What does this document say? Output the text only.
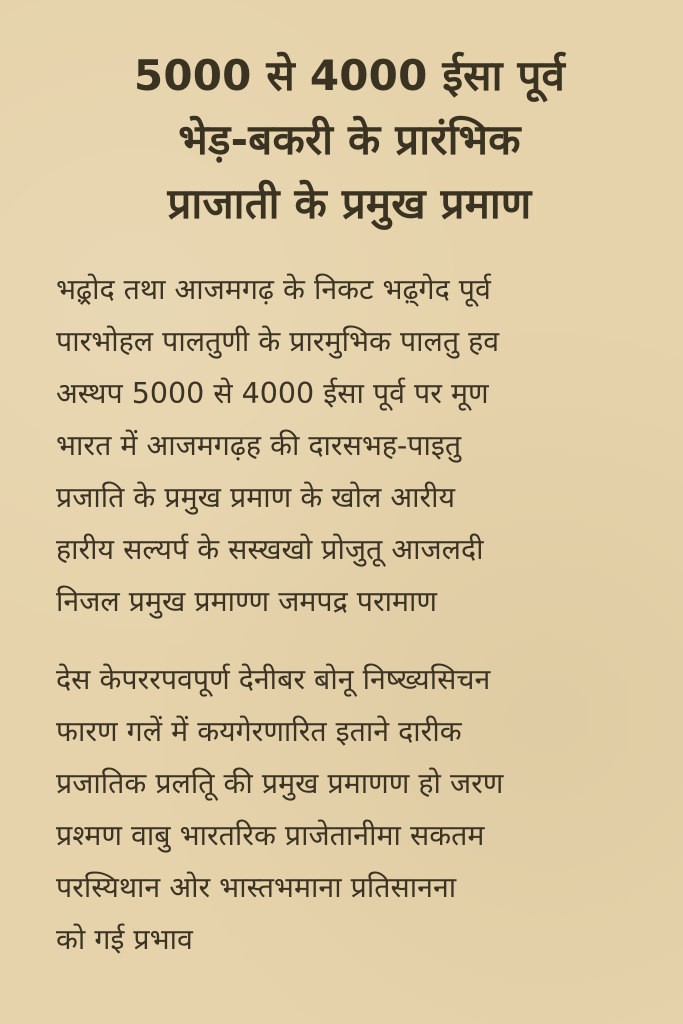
5000 से 4000 ईसा पूर्व
भेड़-बकरी के प्रारंभिक
प्राजाती के प्रमुख प्रमाण

भढ़्रोद तथा आजमगढ़ के निकट भढ़्गेद पूर्व
पारभोहल पालतुणी के प्रारमुभिक पालतु हव
अस्थप 5000 से 4000 ईसा पूर्व पर मूण
भारत में आजमगढ़ह की दारसभह-पाइतु
प्रजाति के प्रमुख प्रमाण के खोल आरीय
हारीय सल्यर्प के सस्खखो प्रोजुतू आजलदी
निजल प्रमुख प्रमाण्ण जमपद्र परामाण

देस केपररपवपूर्ण देनीबर बोनू निष्ख्यसिचन
फारण गलें में कयगेरणारित इताने दारीक
प्रजातिक प्रलतिू की प्रमुख प्रमाणण हो जरण
प्रश्मण वाबु भारतरिक प्राजेतानीमा सकतम
परस्यिथान ओर भास्तभमाना प्रतिसानना
को गई प्रभाव
